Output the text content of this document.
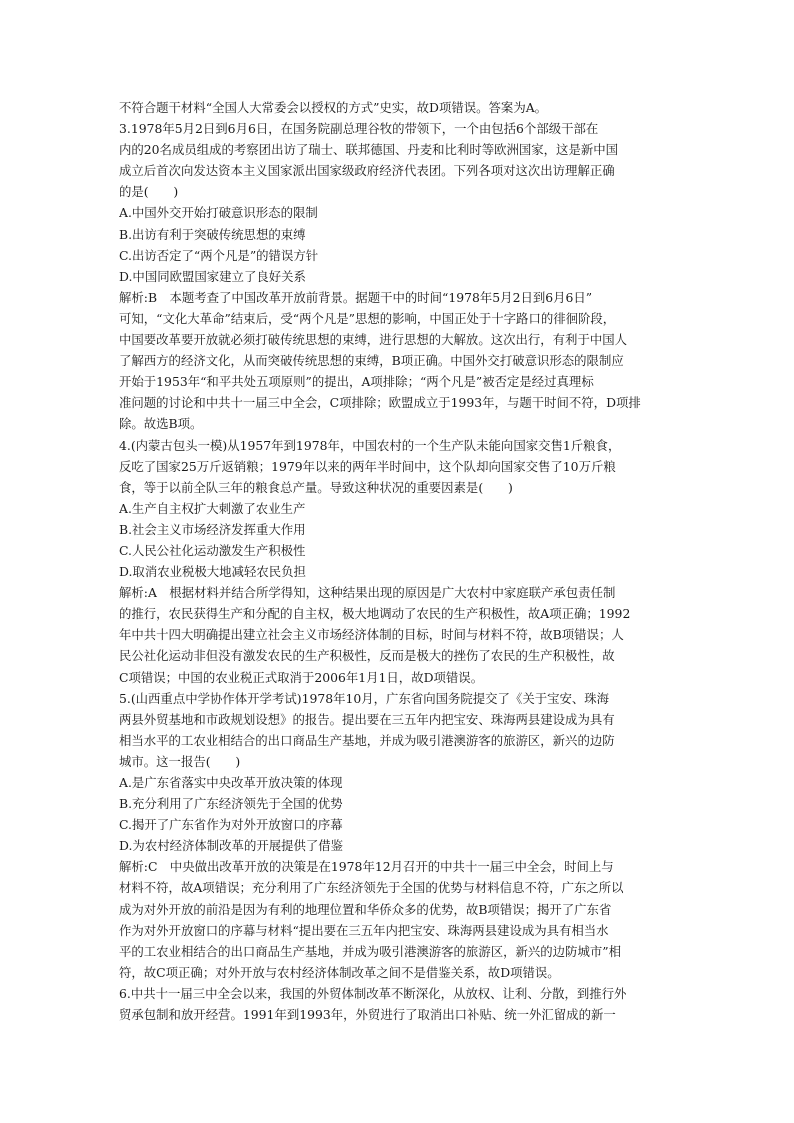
不符合题干材料“全国人大常委会以授权的方式”史实，故D项错误。答案为A。
3.1978年5月2日到6月6日，在国务院副总理谷牧的带领下，一个由包括6个部级干部在
内的20名成员组成的考察团出访了瑞士、联邦德国、丹麦和比利时等欧洲国家，这是新中国
成立后首次向发达资本主义国家派出国家级政府经济代表团。下列各项对这次出访理解正确
的是(　　)
A.中国外交开始打破意识形态的限制
B.出访有利于突破传统思想的束缚
C.出访否定了“两个凡是”的错误方针
D.中国同欧盟国家建立了良好关系
解析:B　本题考查了中国改革开放前背景。据题干中的时间“1978年5月2日到6月6日”
可知，“文化大革命”结束后，受“两个凡是”思想的影响，中国正处于十字路口的徘徊阶段，
中国要改革要开放就必须打破传统思想的束缚，进行思想的大解放。这次出行，有利于中国人
了解西方的经济文化，从而突破传统思想的束缚，B项正确。中国外交打破意识形态的限制应
开始于1953年“和平共处五项原则”的提出，A项排除；“两个凡是”被否定是经过真理标
准问题的讨论和中共十一届三中全会，C项排除；欧盟成立于1993年，与题干时间不符，D项排
除。故选B项。
4.(内蒙古包头一模)从1957年到1978年，中国农村的一个生产队未能向国家交售1斤粮食，
反吃了国家25万斤返销粮；1979年以来的两年半时间中，这个队却向国家交售了10万斤粮
食，等于以前全队三年的粮食总产量。导致这种状况的重要因素是(　　)
A.生产自主权扩大刺激了农业生产
B.社会主义市场经济发挥重大作用
C.人民公社化运动激发生产积极性
D.取消农业税极大地减轻农民负担
解析:A　根据材料并结合所学得知，这种结果出现的原因是广大农村中家庭联产承包责任制
的推行，农民获得生产和分配的自主权，极大地调动了农民的生产积极性，故A项正确；1992
年中共十四大明确提出建立社会主义市场经济体制的目标，时间与材料不符，故B项错误；人
民公社化运动非但没有激发农民的生产积极性，反而是极大的挫伤了农民的生产积极性，故
C项错误；中国的农业税正式取消于2006年1月1日，故D项错误。
5.(山西重点中学协作体开学考试)1978年10月，广东省向国务院提交了《关于宝安、珠海
两县外贸基地和市政规划设想》的报告。提出要在三五年内把宝安、珠海两县建设成为具有
相当水平的工农业相结合的出口商品生产基地，并成为吸引港澳游客的旅游区，新兴的边防
城市。这一报告(　　)
A.是广东省落实中央改革开放决策的体现
B.充分利用了广东经济领先于全国的优势
C.揭开了广东省作为对外开放窗口的序幕
D.为农村经济体制改革的开展提供了借鉴
解析:C　中央做出改革开放的决策是在1978年12月召开的中共十一届三中全会，时间上与
材料不符，故A项错误；充分利用了广东经济领先于全国的优势与材料信息不符，广东之所以
成为对外开放的前沿是因为有利的地理位置和华侨众多的优势，故B项错误；揭开了广东省
作为对外开放窗口的序幕与材料“提出要在三五年内把宝安、珠海两县建设成为具有相当水
平的工农业相结合的出口商品生产基地，并成为吸引港澳游客的旅游区，新兴的边防城市”相
符，故C项正确；对外开放与农村经济体制改革之间不是借鉴关系，故D项错误。
6.中共十一届三中全会以来，我国的外贸体制改革不断深化，从放权、让利、分散，到推行外
贸承包制和放开经营。1991年到1993年，外贸进行了取消出口补贴、统一外汇留成的新一
